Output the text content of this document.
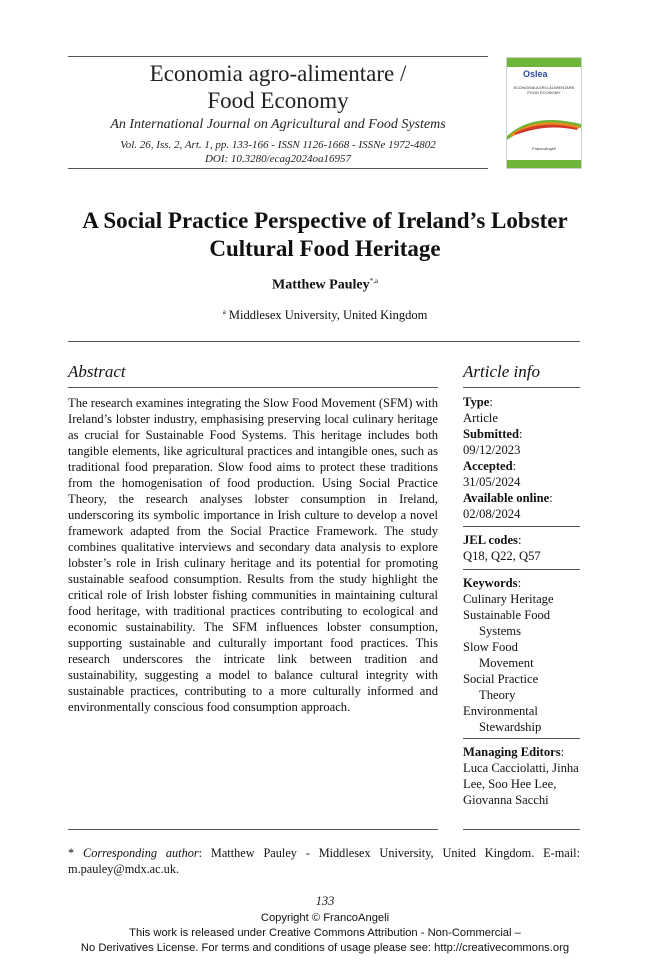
Economia agro-alimentare /
Food Economy
An International Journal on Agricultural and Food Systems
Vol. 26, Iss. 2, Art. 1, pp. 133-166 - ISSN 1126-1668 - ISSNe 1972-4802
DOI: 10.3280/ecag2024oa16957
Oslea
ECONOMIA AGRO-ALIMENTARE FOOD ECONOMY
FrancoAngeli
A Social Practice Perspective of Ireland’s Lobster
Cultural Food Heritage
Matthew Pauley$^{*,a}$
$^a$ Middlesex University, United Kingdom
Abstract

The research examines integrating the Slow Food Movement (SFM) with Ireland’s lobster industry, emphasising preserving local culinary heritage as crucial for Sustainable Food Systems. This heritage includes both tangible elements, like agricultural practices and intangible ones, such as traditional food preparation. Slow food aims to protect these traditions from the homogenisation of food production. Using Social Practice Theory, the research analyses lobster consumption in Ireland, underscoring its symbolic importance in Irish culture to develop a novel framework adapted from the Social Practice Framework. The study combines qualitative interviews and secondary data analysis to explore lobster’s role in Irish culinary heritage and its potential for promoting sustainable seafood consumption. Results from the study highlight the critical role of Irish lobster fishing communities in maintaining cultural food heritage, with traditional practices contributing to ecological and economic sustainability. The SFM influences lobster consumption, supporting sustainable and culturally important food practices. This research underscores the intricate link between tradition and sustainability, suggesting a model to balance cultural integrity with sustainable practices, contributing to a more culturally informed and environmentally conscious food consumption approach.

Article info
Type:
Article
Submitted:
09/12/2023
Accepted:
31/05/2024
Available online:
02/08/2024
JEL codes:
Q18, Q22, Q57
Keywords:
Culinary Heritage
Sustainable Food
Systems
Slow Food
Movement
Social Practice
Theory
Environmental
Stewardship
Managing Editors:
Luca Cacciolatti, Jinha Lee, Soo Hee Lee, Giovanna Sacchi
* Corresponding author: Matthew Pauley - Middlesex University, United Kingdom. E-mail: m.pauley@mdx.ac.uk.
133
Copyright © FrancoAngeli
This work is released under Creative Commons Attribution - Non-Commercial –
No Derivatives License. For terms and conditions of usage please see: http://creativecommons.org
